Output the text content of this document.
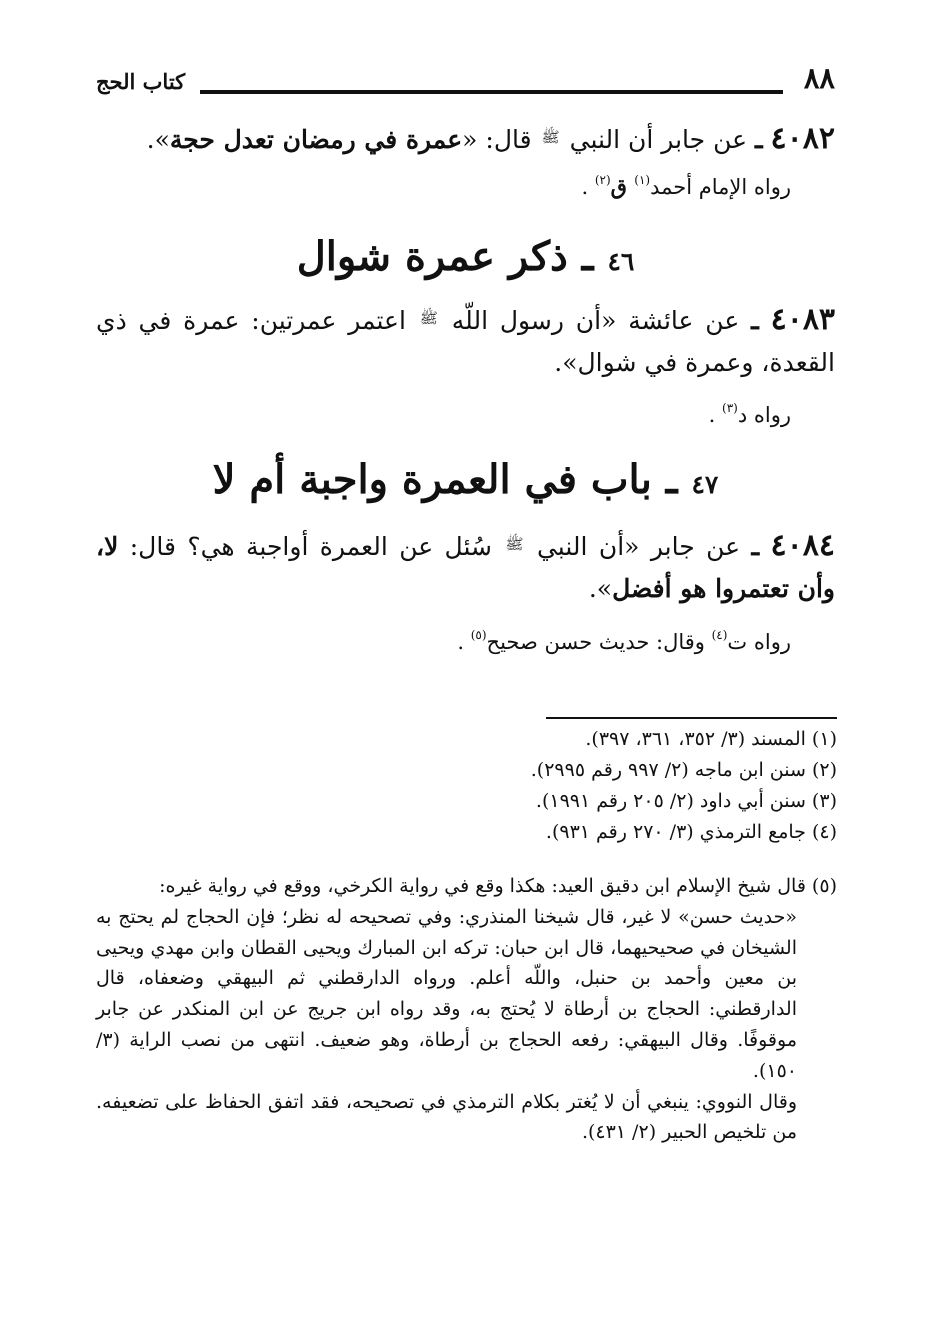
٨٨
كتاب الحج
٤٠٨٢ ـ عن جابر أن النبي $^ﷺ$ قال: «عمرة في رمضان تعدل حجة».
رواه الإمام أحمد$^{(١)}$ ق$^{(٢)}$ .
٤٦ ـ ذكر عمرة شوال
٤٠٨٣ ـ عن عائشة «أن رسول اللّه $^ﷺ$ اعتمر عمرتين: عمرة في ذي القعدة، وعمرة في شوال».
رواه د$^{(٣)}$ .
٤٧ ـ باب في العمرة واجبة أم لا
٤٠٨٤ ـ عن جابر «أن النبي $^ﷺ$ سُئل عن العمرة أواجبة هي؟ قال: لا، وأن تعتمروا هو أفضل».
رواه ت$^{(٤)}$ وقال: حديث حسن صحيح$^{(٥)}$ .
(١) المسند (٣/ ٣٥٢، ٣٦١، ٣٩٧).
(٢) سنن ابن ماجه (٢/ ٩٩٧ رقم ٢٩٩٥).
(٣) سنن أبي داود (٢/ ٢٠٥ رقم ١٩٩١).
(٤) جامع الترمذي (٣/ ٢٧٠ رقم ٩٣١).
(٥) قال شيخ الإسلام ابن دقيق العيد: هكذا وقع في رواية الكرخي، ووقع في رواية غيره:
«حديث حسن» لا غير، قال شيخنا المنذري: وفي تصحيحه له نظر؛ فإن الحجاج لم يحتج به الشيخان في صحيحيهما، قال ابن حبان: تركه ابن المبارك ويحيى القطان وابن مهدي ويحيى بن معين وأحمد بن حنبل، واللّه أعلم. ورواه الدارقطني ثم البيهقي وضعفاه، قال الدارقطني: الحجاج بن أرطاة لا يُحتج به، وقد رواه ابن جريج عن ابن المنكدر عن جابر موقوفًا. وقال البيهقي: رفعه الحجاج بن أرطاة، وهو ضعيف. انتهى من نصب الراية (٣/ ١٥٠).
وقال النووي: ينبغي أن لا يُغتر بكلام الترمذي في تصحيحه، فقد اتفق الحفاظ على تضعيفه. من تلخيص الحبير (٢/ ٤٣١).
